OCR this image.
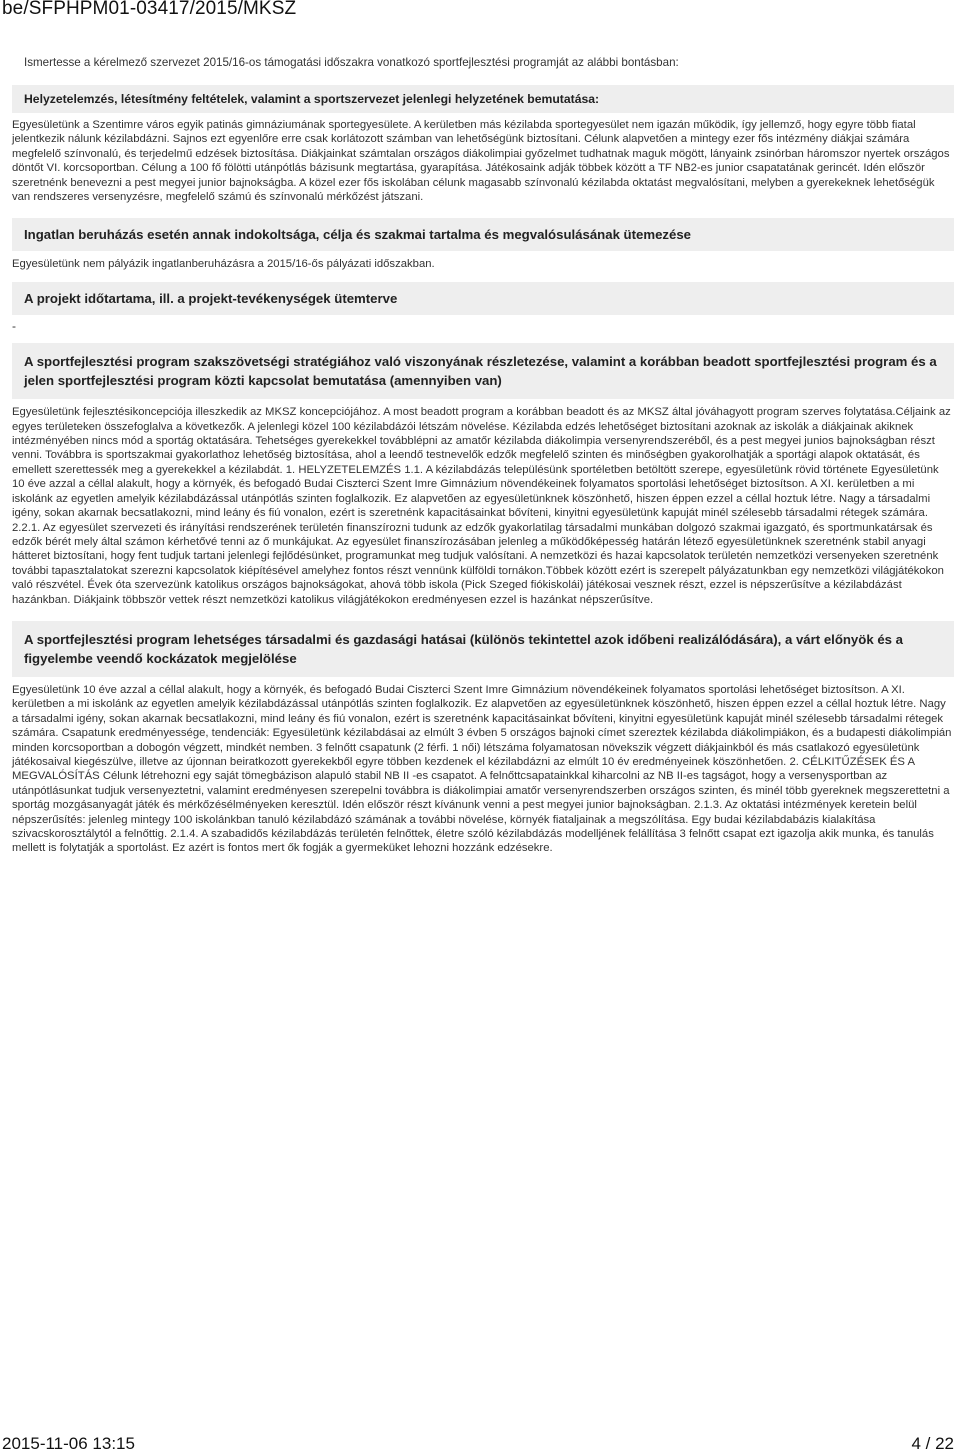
be/SFPHPM01-03417/2015/MKSZ
Ismertesse a kérelmező szervezet 2015/16-os támogatási időszakra vonatkozó sportfejlesztési programját az alábbi bontásban:
Helyzetelemzés, létesítmény feltételek, valamint a sportszervezet jelenlegi helyzetének bemutatása:
Egyesületünk a Szentimre város egyik patinás gimnáziumának sportegyesülete. A kerületben más kézilabda sportegyesület nem igazán működik, így jellemző, hogy egyre több fiatal jelentkezik nálunk kézilabdázni. Sajnos ezt egyenlőre erre csak korlátozott számban van lehetőségünk biztosítani. Célunk alapvetően a mintegy ezer fős intézmény diákjai számára megfelelő színvonalú, és terjedelmű edzések biztosítása. Diákjainkat számtalan országos diákolimpiai győzelmet tudhatnak maguk mögött, lányaink zsinórban háromszor nyertek országos döntőt VI. korcsoportban. Célung a 100 fő fölötti utánpótlás bázisunk megtartása, gyarapítása. Játékosaink adják többek között a TF NB2-es junior csapatatának gerincét. Idén először szeretnénk benevezni a pest megyei junior bajnokságba. A közel ezer fős iskolában célunk magasabb színvonalú kézilabda oktatást megvalósítani, melyben a gyerekeknek lehetőségük van rendszeres versenyzésre, megfelelő számú és színvonalú mérkőzést játszani.
Ingatlan beruházás esetén annak indokoltsága, célja és szakmai tartalma és megvalósulásának ütemezése
Egyesületünk nem pályázik ingatlanberuházásra a 2015/16-ős pályázati időszakban.
A projekt időtartama, ill. a projekt-tevékenységek ütemterve
-
A sportfejlesztési program szakszövetségi stratégiához való viszonyának részletezése, valamint a korábban beadott sportfejlesztési program és a jelen sportfejlesztési program közti kapcsolat bemutatása (amennyiben van)
Egyesületünk fejlesztésikoncepciója illeszkedik az MKSZ koncepciójához. A most beadott program a korábban beadott és az MKSZ által jóváhagyott program szerves folytatása.Céljaink az egyes területeken összefoglalva a következők. A jelenlegi közel 100 kézilabdázói létszám növelése. Kézilabda edzés lehetőséget biztosítani azoknak az iskolák a diákjainak akiknek intézményében nincs mód a sportág oktatására. Tehetséges gyerekekkel továbblépni az amatőr kézilabda diákolimpia versenyrendszeréből, és a pest megyei junios bajnokságban részt venni. Továbbra is sportszakmai gyakorlathoz lehetőség biztosítása, ahol a leendő testnevelők edzők megfelelő szinten és minőségben gyakorolhatják a sportági alapok oktatását, és emellett szerettessék meg a gyerekekkel a kézilabdát. 1. HELYZETELEMZÉS 1.1. A kézilabdázás településünk sportéletben betöltött szerepe, egyesületünk rövid története Egyesületünk 10 éve azzal a céllal alakult, hogy a környék, és befogadó Budai Ciszterci Szent Imre Gimnázium növendékeinek folyamatos sportolási lehetőséget biztosítson. A XI. kerületben a mi iskolánk az egyetlen amelyik kézilabdázással utánpótlás szinten foglalkozik. Ez alapvetően az egyesületünknek köszönhető, hiszen éppen ezzel a céllal hoztuk létre. Nagy a társadalmi igény, sokan akarnak becsatlakozni, mind leány és fiú vonalon, ezért is szeretnénk kapacitásainkat bővíteni, kinyitni egyesületünk kapuját minél szélesebb társadalmi rétegek számára. 2.2.1. Az egyesület szervezeti és irányítási rendszerének területén finanszírozni tudunk az edzők gyakorlatilag társadalmi munkában dolgozó szakmai igazgató, és sportmunkatársak és edzők bérét mely által számon kérhetővé tenni az ő munkájukat. Az egyesület finanszírozásában jelenleg a működőképesség határán létező egyesületünknek szeretnénk stabil anyagi hátteret biztosítani, hogy fent tudjuk tartani jelenlegi fejlődésünket, programunkat meg tudjuk valósítani. A nemzetközi és hazai kapcsolatok területén nemzetközi versenyeken szeretnénk további tapasztalatokat szerezni kapcsolatok kiépítésével amelyhez fontos részt vennünk külföldi tornákon.Többek között ezért is szerepelt pályázatunkban egy nemzetközi világjátékokon való részvétel. Évek óta szervezünk katolikus országos bajnokságokat, ahová több iskola (Pick Szeged fiókiskolái) játékosai vesznek részt, ezzel is népszerűsítve a kézilabdázást hazánkban. Diákjaink többször vettek részt nemzetközi katolikus világjátékokon eredményesen ezzel is hazánkat népszerűsítve.
A sportfejlesztési program lehetséges társadalmi és gazdasági hatásai (különös tekintettel azok időbeni realizálódására), a várt előnyök és a figyelembe veendő kockázatok megjelölése
Egyesületünk 10 éve azzal a céllal alakult, hogy a környék, és befogadó Budai Ciszterci Szent Imre Gimnázium növendékeinek folyamatos sportolási lehetőséget biztosítson. A XI. kerületben a mi iskolánk az egyetlen amelyik kézilabdázással utánpótlás szinten foglalkozik. Ez alapvetően az egyesületünknek köszönhető, hiszen éppen ezzel a céllal hoztuk létre. Nagy a társadalmi igény, sokan akarnak becsatlakozni, mind leány és fiú vonalon, ezért is szeretnénk kapacitásainkat bővíteni, kinyitni egyesületünk kapuját minél szélesebb társadalmi rétegek számára. Csapatunk eredményessége, tendenciák: Egyesületünk kézilabdásai az elmúlt 3 évben 5 országos bajnoki címet szereztek kézilabda diákolimpiákon, és a budapesti diákolimpián minden korcsoportban a dobogón végzett, mindkét nemben. 3 felnőtt csapatunk (2 férfi. 1 női) létszáma folyamatosan növekszik végzett diákjainkból és más csatlakozó egyesületünk játékosaival kiegészülve, illetve az újonnan beiratkozott gyerekekből egyre többen kezdenek el kézilabdázni az elmúlt 10 év eredményeinek köszönhetően. 2. CÉLKITŰZÉSEK ÉS A MEGVALÓSÍTÁS Célunk létrehozni egy saját tömegbázison alapuló stabil NB II -es csapatot. A felnőttcsapatainkkal kiharcolni az NB II-es tagságot, hogy a versenysportban az utánpótlásunkat tudjuk versenyeztetni, valamint eredményesen szerepelni továbbra is diákolimpiai amatőr versenyrendszerben országos szinten, és minél több gyereknek megszerettetni a sportág mozgásanyagát játék és mérkőzésélményeken keresztül. Idén először részt kívánunk venni a pest megyei junior bajnokságban. 2.1.3. Az oktatási intézmények keretein belül népszerűsítés: jelenleg mintegy 100 iskolánkban tanuló kézilabdázó számának a további növelése, környék fiataljainak a megszólítása. Egy budai kézilabdabázis kialakítása szivacskorosztálytól a felnőttig. 2.1.4. A szabadidős kézilabdázás területén felnőttek, életre szóló kézilabdázás modelljének felállítása 3 felnőtt csapat ezt igazolja akik munka, és tanulás mellett is folytatják a sportolást. Ez azért is fontos mert ők fogják a gyermeküket lehozni hozzánk edzésekre.
2015-11-06 13:15	4 / 22
